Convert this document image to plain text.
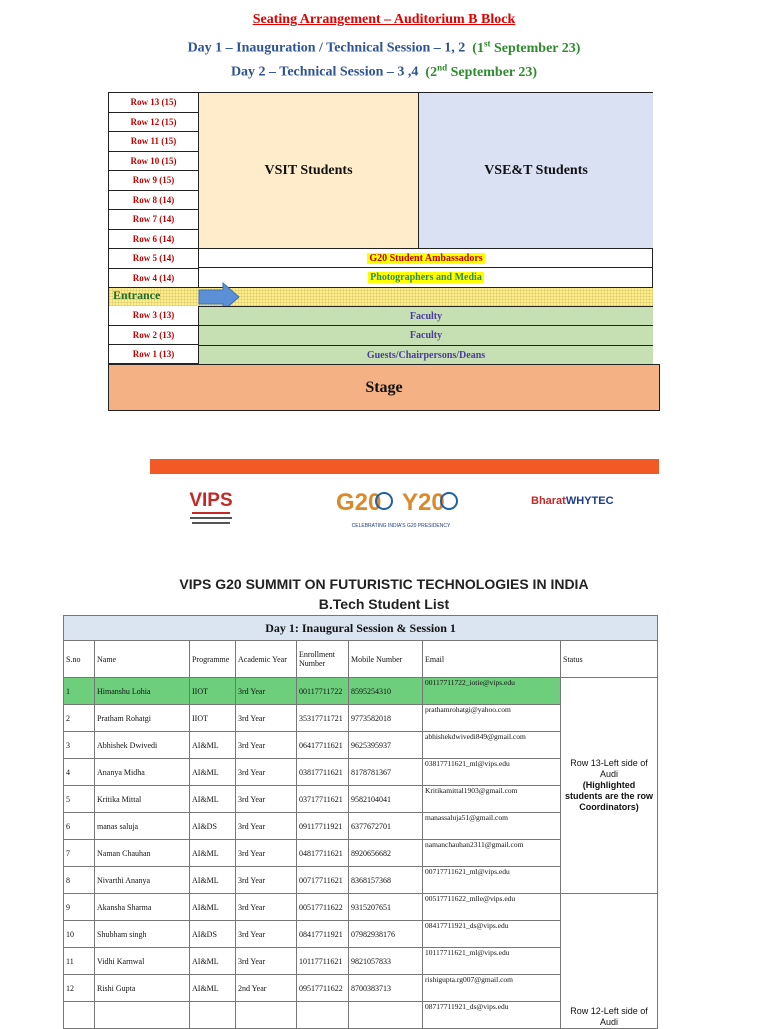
Seating Arrangement – Auditorium B Block
Day 1 – Inauguration / Technical Session – 1, 2 (1st September 23)
Day 2 – Technical Session – 3 ,4 (2nd September 23)
Row 13 (15)
Row 12 (15)
Row 11 (15)
Row 10 (15)
Row 9 (15)
Row 8 (14)
Row 7 (14)
Row 6 (14)
Row 5 (14)
Row 4 (14)
Row 3 (13)
Row 2 (13)
Row 1 (13)
VSIT Students	VSE&T Students
G20 Student Ambassadors
Photographers and Media
Entrance
Faculty
Faculty
Guests/Chairpersons/Deans
Stage
VIPS	G20 Y20
CELEBRATING INDIA'S G20 PRESIDENCY
BharatWHYTEC
VIPS G20 SUMMIT ON FUTURISTIC TECHNOLOGIES IN INDIA
B.Tech Student List
Day 1: Inaugural Session & Session 1							
S.no	Name	Programme	Academic Year	Enrollment Number	Mobile Number	Email	Status
1	Himanshu Lohia	IIOT	3rd Year	00117711722	8595254310	00117711722_iotie@vips.edu	Row 13-Left side of Audi
(Highlighted students are the row Coordinators)

2	Pratham Rohatgi	IIOT	3rd Year	35317711721	9773582018	prathamrohatgi@yahoo.com	
3	Abhishek Dwivedi	AI&ML	3rd Year	06417711621	9625395937	abhishekdwivedi849@gmail.com	
4	Ananya Midha	AI&ML	3rd Year	03817711621	8178781367	03817711621_ml@vips.edu	
5	Kritika Mittal	AI&ML	3rd Year	03717711621	9582104041	Kritikamittal1903@gmail.com	
6	manas saluja	AI&DS	3rd Year	09117711921	6377672701	manassaluja51@gmail.com	
7	Naman Chauhan	AI&ML	3rd Year	04817711621	8920656682	namanchauhan2311@gmail.com	
8	Nivarthi Ananya	AI&ML	3rd Year	00717711621	8368157368	00717711621_ml@vips.edu	
9	Akansha Sharma	AI&ML	3rd Year	00517711622	9315207651	00517711622_mlle@vips.edu	Row 12-Left side of Audi
10	Shubham singh	AI&DS	3rd Year	08417711921	07982938176	08417711921_ds@vips.edu	
11	Vidhi Karnwal	AI&ML	3rd Year	10117711621	9821057833	10117711621_ml@vips.edu	
12	Rishi Gupta	AI&ML	2nd Year	09517711622	8700383713	rishigupta.rg007@gmail.com	
						08717711921_ds@vips.edu	
